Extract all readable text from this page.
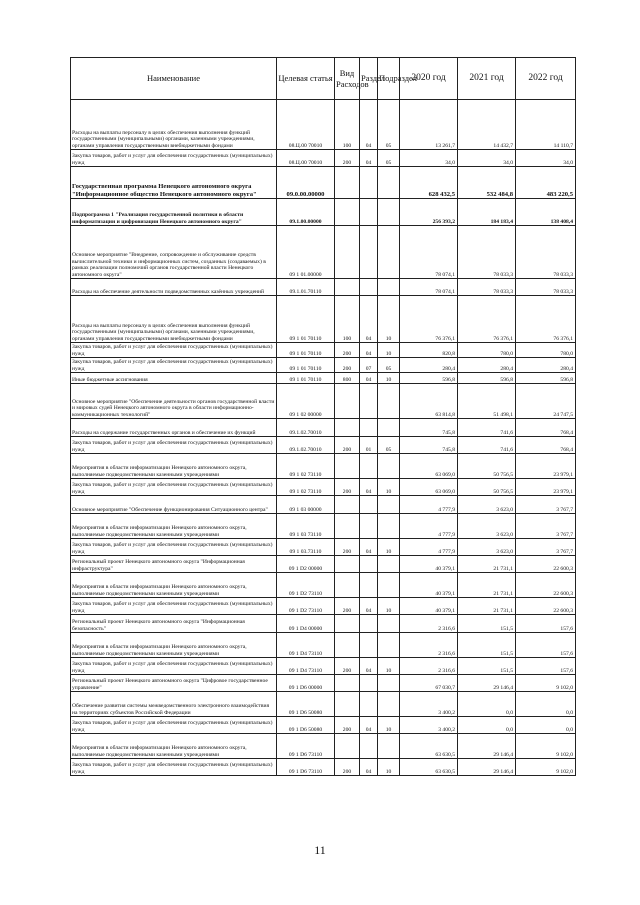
Наименование	Целевая статья	Вид Расходов	Раздел	Подраздел	2020 год	2021 год	2022 год
Расходы на выплаты персоналу в целях обеспечения выполнения функций государственными (муниципальными) органами, казенными учреждениями, органами управления государственными внебюджетными фондами	08.Ц.00 70010	100	04	05	13 261,7	14 432,7	14 110,7
Закупка товаров, работ и услуг для обеспечения государственных (муниципальных) нужд	08.Ц.00 70010	200	04	05	34,0	34,0	34,0
Государственная программа Ненецкого автономного округа "Информационное общество Ненецкого автономного округа"	09.0.00.00000				628 432,5	532 484,8	483 220,5
Подпрограмма 1 "Реализация государственной политики в области информатизации и цифровизации Ненецкого автономного округа"	09.1.00.00000				256 393,2	184 183,4	138 408,4
Основное мероприятие "Внедрение, сопровождение и обслуживание средств вычислительной техники и информационных систем, созданных (создаваемых) в рамках реализации полномочий органов государственной власти Ненецкого автономного округа"	09 1 01.00000				78 074,1	78 033,3	78 033,3
Расходы на обеспечение деятельности подведомственных казённых учреждений	09.1.01.70110				78 074,1	78 033,3	78 033,3
Расходы на выплаты персоналу в целях обеспечения выполнения функций государственными (муниципальными) органами, казенными учреждениями, органами управления государственными внебюджетными фондами	09 1 01 70110	100	04	10	76 376,1	76 376,1	76 376,1
Закупка товаров, работ и услуг для обеспечения государственных (муниципальных) нужд	09 1 01 70110	200	04	10	820,8	780,0	780,0
Закупка товаров, работ и услуг для обеспечения государственных (муниципальных) нужд	09 1 01 70110	200	07	05	280,4	280,4	280,4
Иные бюджетные ассигнования	09 1 01 70110	800	04	10	596,8	596,8	596,8
Основное мероприятие "Обеспечение деятельности органов государственной власти и мировых судей Ненецкого автономного округа в области информационно-коммуникационных технологий"	09 1 02 00000				63 814,8	51 498,1	24 747,5
Расходы на содержание государственных органов и обеспечение их функций	09.1.02.70010				745,8	741,6	768,4
Закупка товаров, работ и услуг для обеспечения государственных (муниципальных) нужд	09.1.02.70010	200	01	05	745,8	741,6	768,4
Мероприятия в области информатизации Ненецкого автономного округа, выполняемые подведомственными казенными учреждениями	09 1 02 73110				63 069,0	50 756,5	23 979,1
Закупка товаров, работ и услуг для обеспечения государственных (муниципальных) нужд	09 1 02 73110	200	04	10	63 069,0	50 756,5	23 979,1
Основное мероприятие "Обеспечение функционирования Ситуационного центра"	09 1 03 00000				4 777,9	3 623,0	3 767,7
Мероприятия в области информатизации Ненецкого автономного округа, выполняемые подведомственными казенными учреждениями	09 1 03 73110				4 777,9	3 623,0	3 767,7
Закупка товаров, работ и услуг для обеспечения государственных (муниципальных) нужд	09 1 03.73110	200	04	10	4 777,9	3 623,0	3 767,7
Региональный проект Ненецкого автономного округа "Информационная инфраструктура"	09 1 D2 00000				40 379,1	21 731,1	22 600,3
Мероприятия в области информатизации Ненецкого автономного округа, выполняемые подведомственными казенными учреждениями	09 1 D2 73110				40 379,1	21 731,1	22 600,3
Закупка товаров, работ и услуг для обеспечения государственных (муниципальных) нужд	09 1 D2 73110	200	04	10	40 379,1	21 731,1	22 600,3
Региональный проект Ненецкого автономного округа "Информационная безопасность"	09 1 D4 00000				2 316,6	151,5	157,6
Мероприятия в области информатизации Ненецкого автономного округа, выполняемые подведомственными казенными учреждениями	09 1 D4 73110				2 316,6	151,5	157,6
Закупка товаров, работ и услуг для обеспечения государственных (муниципальных) нужд	09 1 D4 73110	200	04	10	2 316,6	151,5	157,6
Региональный проект Ненецкого автономного округа "Цифровое государственное управление"	09 1 D6 00000				67 030,7	29 146,4	9 102,0
Обеспечение развития системы межведомственного электронного взаимодействия на территориях субъектов Российской Федерации	09 1 D6 50080				3 400,2	0,0	0,0
Закупка товаров, работ и услуг для обеспечения государственных (муниципальных) нужд	09 1 D6 50080	200	04	10	3 400,2	0,0	0,0
Мероприятия в области информатизации Ненецкого автономного округа, выполняемые подведомственными казенными учреждениями	09 1 D6 73110				63 630,5	29 146,4	9 102,0
Закупка товаров, работ и услуг для обеспечения государственных (муниципальных) нужд	09 1 D6 73110	200	04	10	63 630,5	29 146,4	9 102,0
11
